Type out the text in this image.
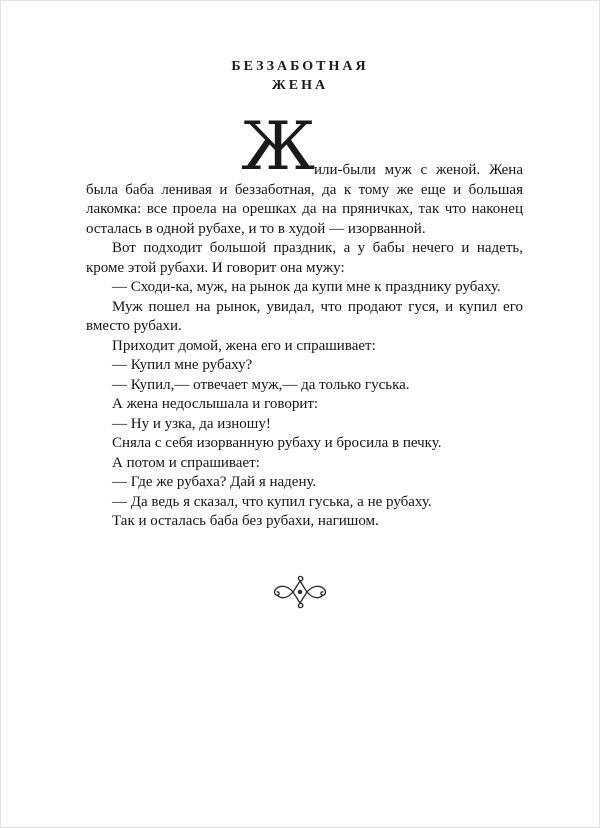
БЕЗЗАБОТНАЯ
ЖЕНА

Ж
или-были муж с женой. Жена была баба ленивая и беззаботная, да к тому же еще и большая лакомка: все проела на орешках да на пряничках, так что наконец осталась в одной рубахе, и то в худой — изорванной.

Вот подходит большой праздник, а у бабы нечего и надеть, кроме этой рубахи. И говорит она мужу:

— Сходи-ка, муж, на рынок да купи мне к празднику рубаху.

Муж пошел на рынок, увидал, что продают гуся, и купил его вместо рубахи.

Приходит домой, жена его и спрашивает:

— Купил мне рубаху?

— Купил,— отвечает муж,— да только гуська.

А жена недослышала и говорит:

— Ну и узка, да изношу!

Сняла с себя изорванную рубаху и бросила в печку.

А потом и спрашивает:

— Где же рубаха? Дай я надену.

— Да ведь я сказал, что купил гуська, а не рубаху.

Так и осталась баба без рубахи, нагишом.
